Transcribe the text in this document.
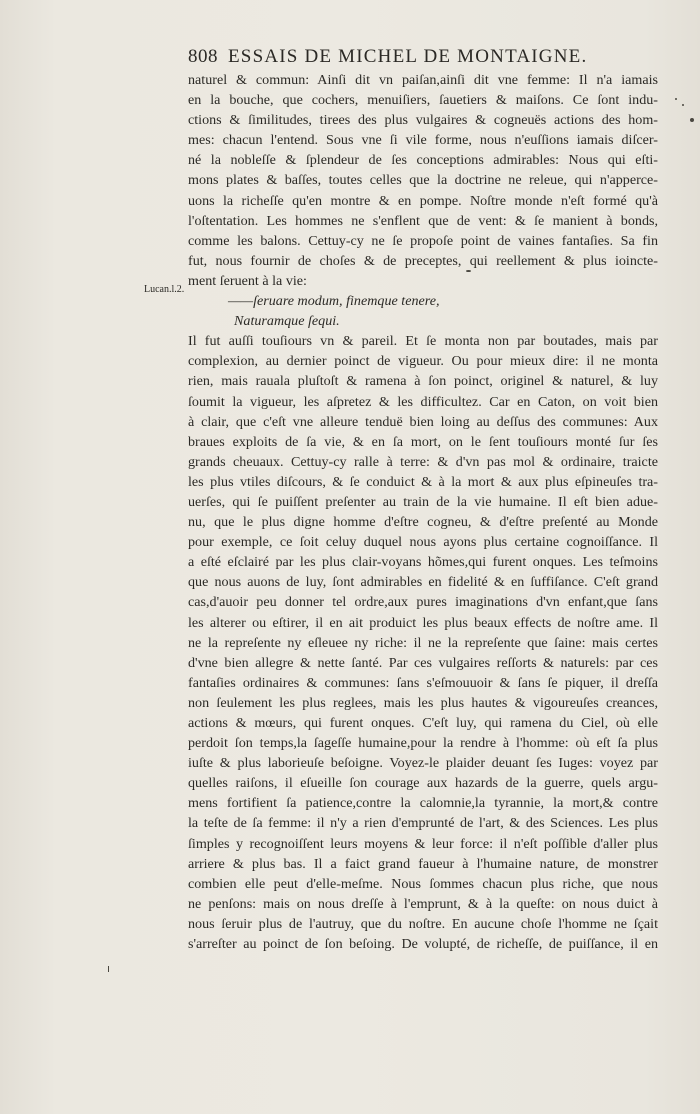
808 ESSAIS DE MICHEL DE MONTAIGNE.
Lucan.l.2.
naturel & commun: Ainſi dit vn paiſan,ainſi dit vne femme: Il n'a iamais
en la bouche, que cochers, menuiſiers, ſauetiers & maiſons. Ce ſont indu-
ctions & ſimilitudes, tirees des plus vulgaires & cogneuës actions des hom-
mes: chacun l'entend. Sous vne ſi vile forme, nous n'euſſions iamais diſcer-
né la nobleſſe & ſplendeur de ſes conceptions admirables: Nous qui eſti-
mons plates & baſſes, toutes celles que la doctrine ne releue, qui n'apperce-
uons la richeſſe qu'en montre & en pompe. Noſtre monde n'eſt formé qu'à
l'oſtentation. Les hommes ne s'enflent que de vent: & ſe manient à bonds,
comme les balons. Cettuy-cy ne ſe propoſe point de vaines fantaſies. Sa fin
fut, nous fournir de choſes & de preceptes, qui reellement & plus ioincte-
ment ſeruent à la vie:
——ſeruare modum, finemque tenere,
Naturamque ſequi.
Il fut auſſi touſiours vn & pareil. Et ſe monta non par boutades, mais par
complexion, au dernier poinct de vigueur. Ou pour mieux dire: il ne monta
rien, mais rauala pluſtoſt & ramena à ſon poinct, originel & naturel, & luy
ſoumit la vigueur, les aſpretez & les difficultez. Car en Caton, on voit bien
à clair, que c'eſt vne alleure tenduë bien loing au deſſus des communes: Aux
braues exploits de ſa vie, & en ſa mort, on le ſent touſiours monté ſur ſes
grands cheuaux. Cettuy-cy ralle à terre: & d'vn pas mol & ordinaire, traicte
les plus vtiles diſcours, & ſe conduict & à la mort & aux plus eſpineuſes tra-
uerſes, qui ſe puiſſent preſenter au train de la vie humaine. Il eſt bien adue-
nu, que le plus digne homme d'eſtre cogneu, & d'eſtre preſenté au Monde
pour exemple, ce ſoit celuy duquel nous ayons plus certaine cognoiſſance. Il
a eſté eſclairé par les plus clair-voyans hõmes,qui furent onques. Les teſmoins
que nous auons de luy, ſont admirables en fidelité & en ſuffiſance. C'eſt grand
cas,d'auoir peu donner tel ordre,aux pures imaginations d'vn enfant,que ſans
les alterer ou eſtirer, il en ait produict les plus beaux effects de noſtre ame. Il
ne la repreſente ny eſleuee ny riche: il ne la repreſente que ſaine: mais certes
d'vne bien allegre & nette ſanté. Par ces vulgaires reſſorts & naturels: par ces
fantaſies ordinaires & communes: ſans s'eſmouuoir & ſans ſe piquer, il dreſſa
non ſeulement les plus reglees, mais les plus hautes & vigoureuſes creances,
actions & mœurs, qui furent onques. C'eſt luy, qui ramena du Ciel, où elle
perdoit ſon temps,la ſageſſe humaine,pour la rendre à l'homme: où eſt ſa plus
iuſte & plus laborieuſe beſoigne. Voyez-le plaider deuant ſes Iuges: voyez par
quelles raiſons, il eſueille ſon courage aux hazards de la guerre, quels argu-
mens fortifient ſa patience,contre la calomnie,la tyrannie, la mort,& contre
la teſte de ſa femme: il n'y a rien d'emprunté de l'art, & des Sciences. Les plus
ſimples y recognoiſſent leurs moyens & leur force: il n'eſt poſſible d'aller plus
arriere & plus bas. Il a faict grand faueur à l'humaine nature, de monstrer
combien elle peut d'elle-meſme. Nous ſommes chacun plus riche, que nous
ne penſons: mais on nous dreſſe à l'emprunt, & à la queſte: on nous duict à
nous ſeruir plus de l'autruy, que du noſtre. En aucune choſe l'homme ne ſçait
s'arreſter au poinct de ſon beſoing. De volupté, de richeſſe, de puiſſance, il en
